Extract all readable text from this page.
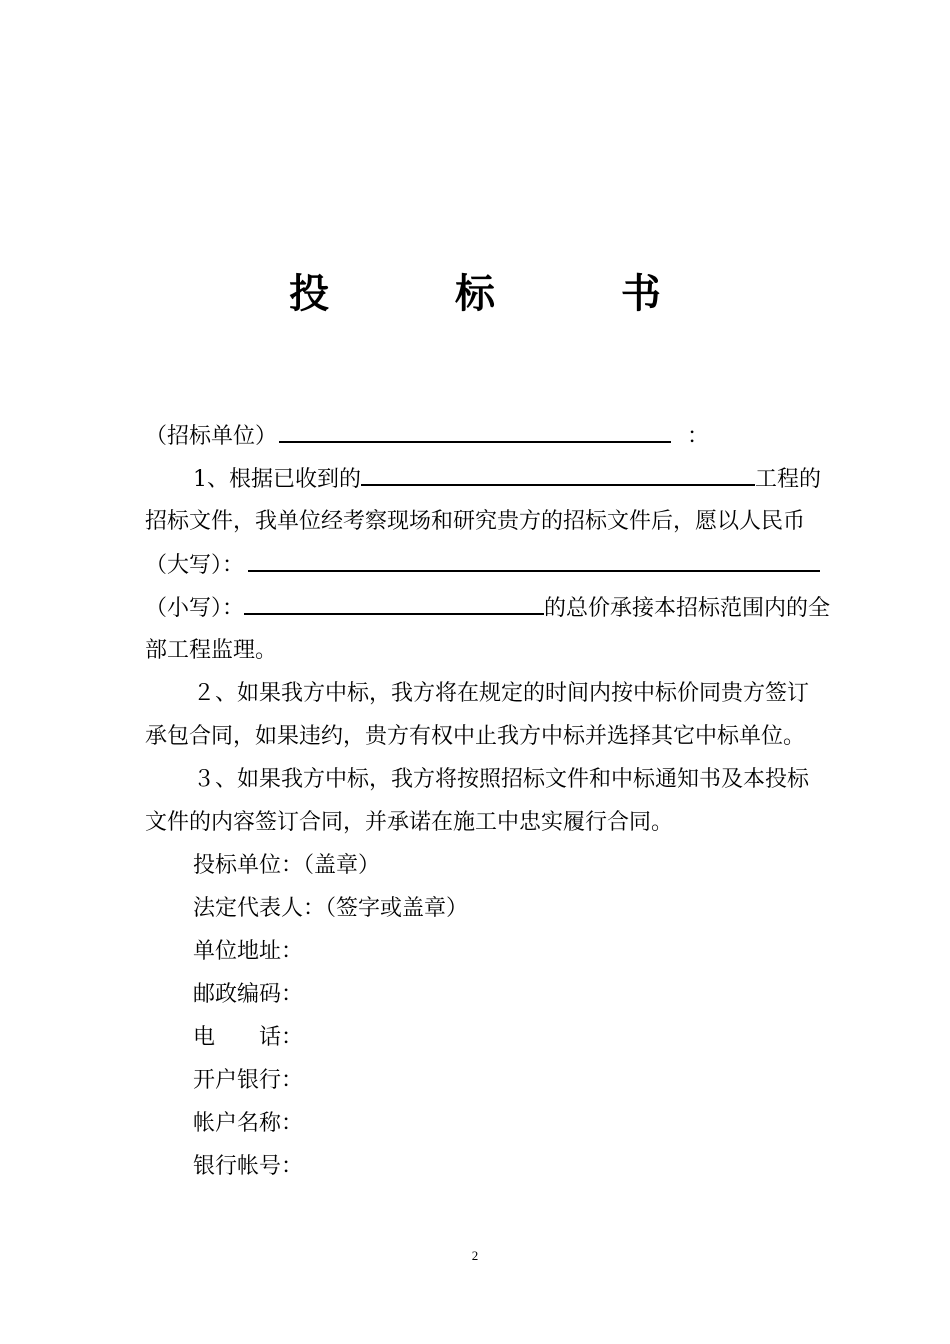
投 标 书
（招标单位）	：
1、根据已收到的	工程的
招标文件，我单位经考察现场和研究贵方的招标文件后，愿以人民币
（大写）：
（小写）：	的总价承接本招标范围内的全
部工程监理。
２、如果我方中标，我方将在规定的时间内按中标价同贵方签订
承包合同，如果违约，贵方有权中止我方中标并选择其它中标单位。
３、如果我方中标，我方将按照招标文件和中标通知书及本投标
文件的内容签订合同，并承诺在施工中忠实履行合同。
投标单位：（盖章）
法定代表人：（签字或盖章）
单位地址：
邮政编码：
电　　话：
开户银行：
帐户名称：
银行帐号：
2
